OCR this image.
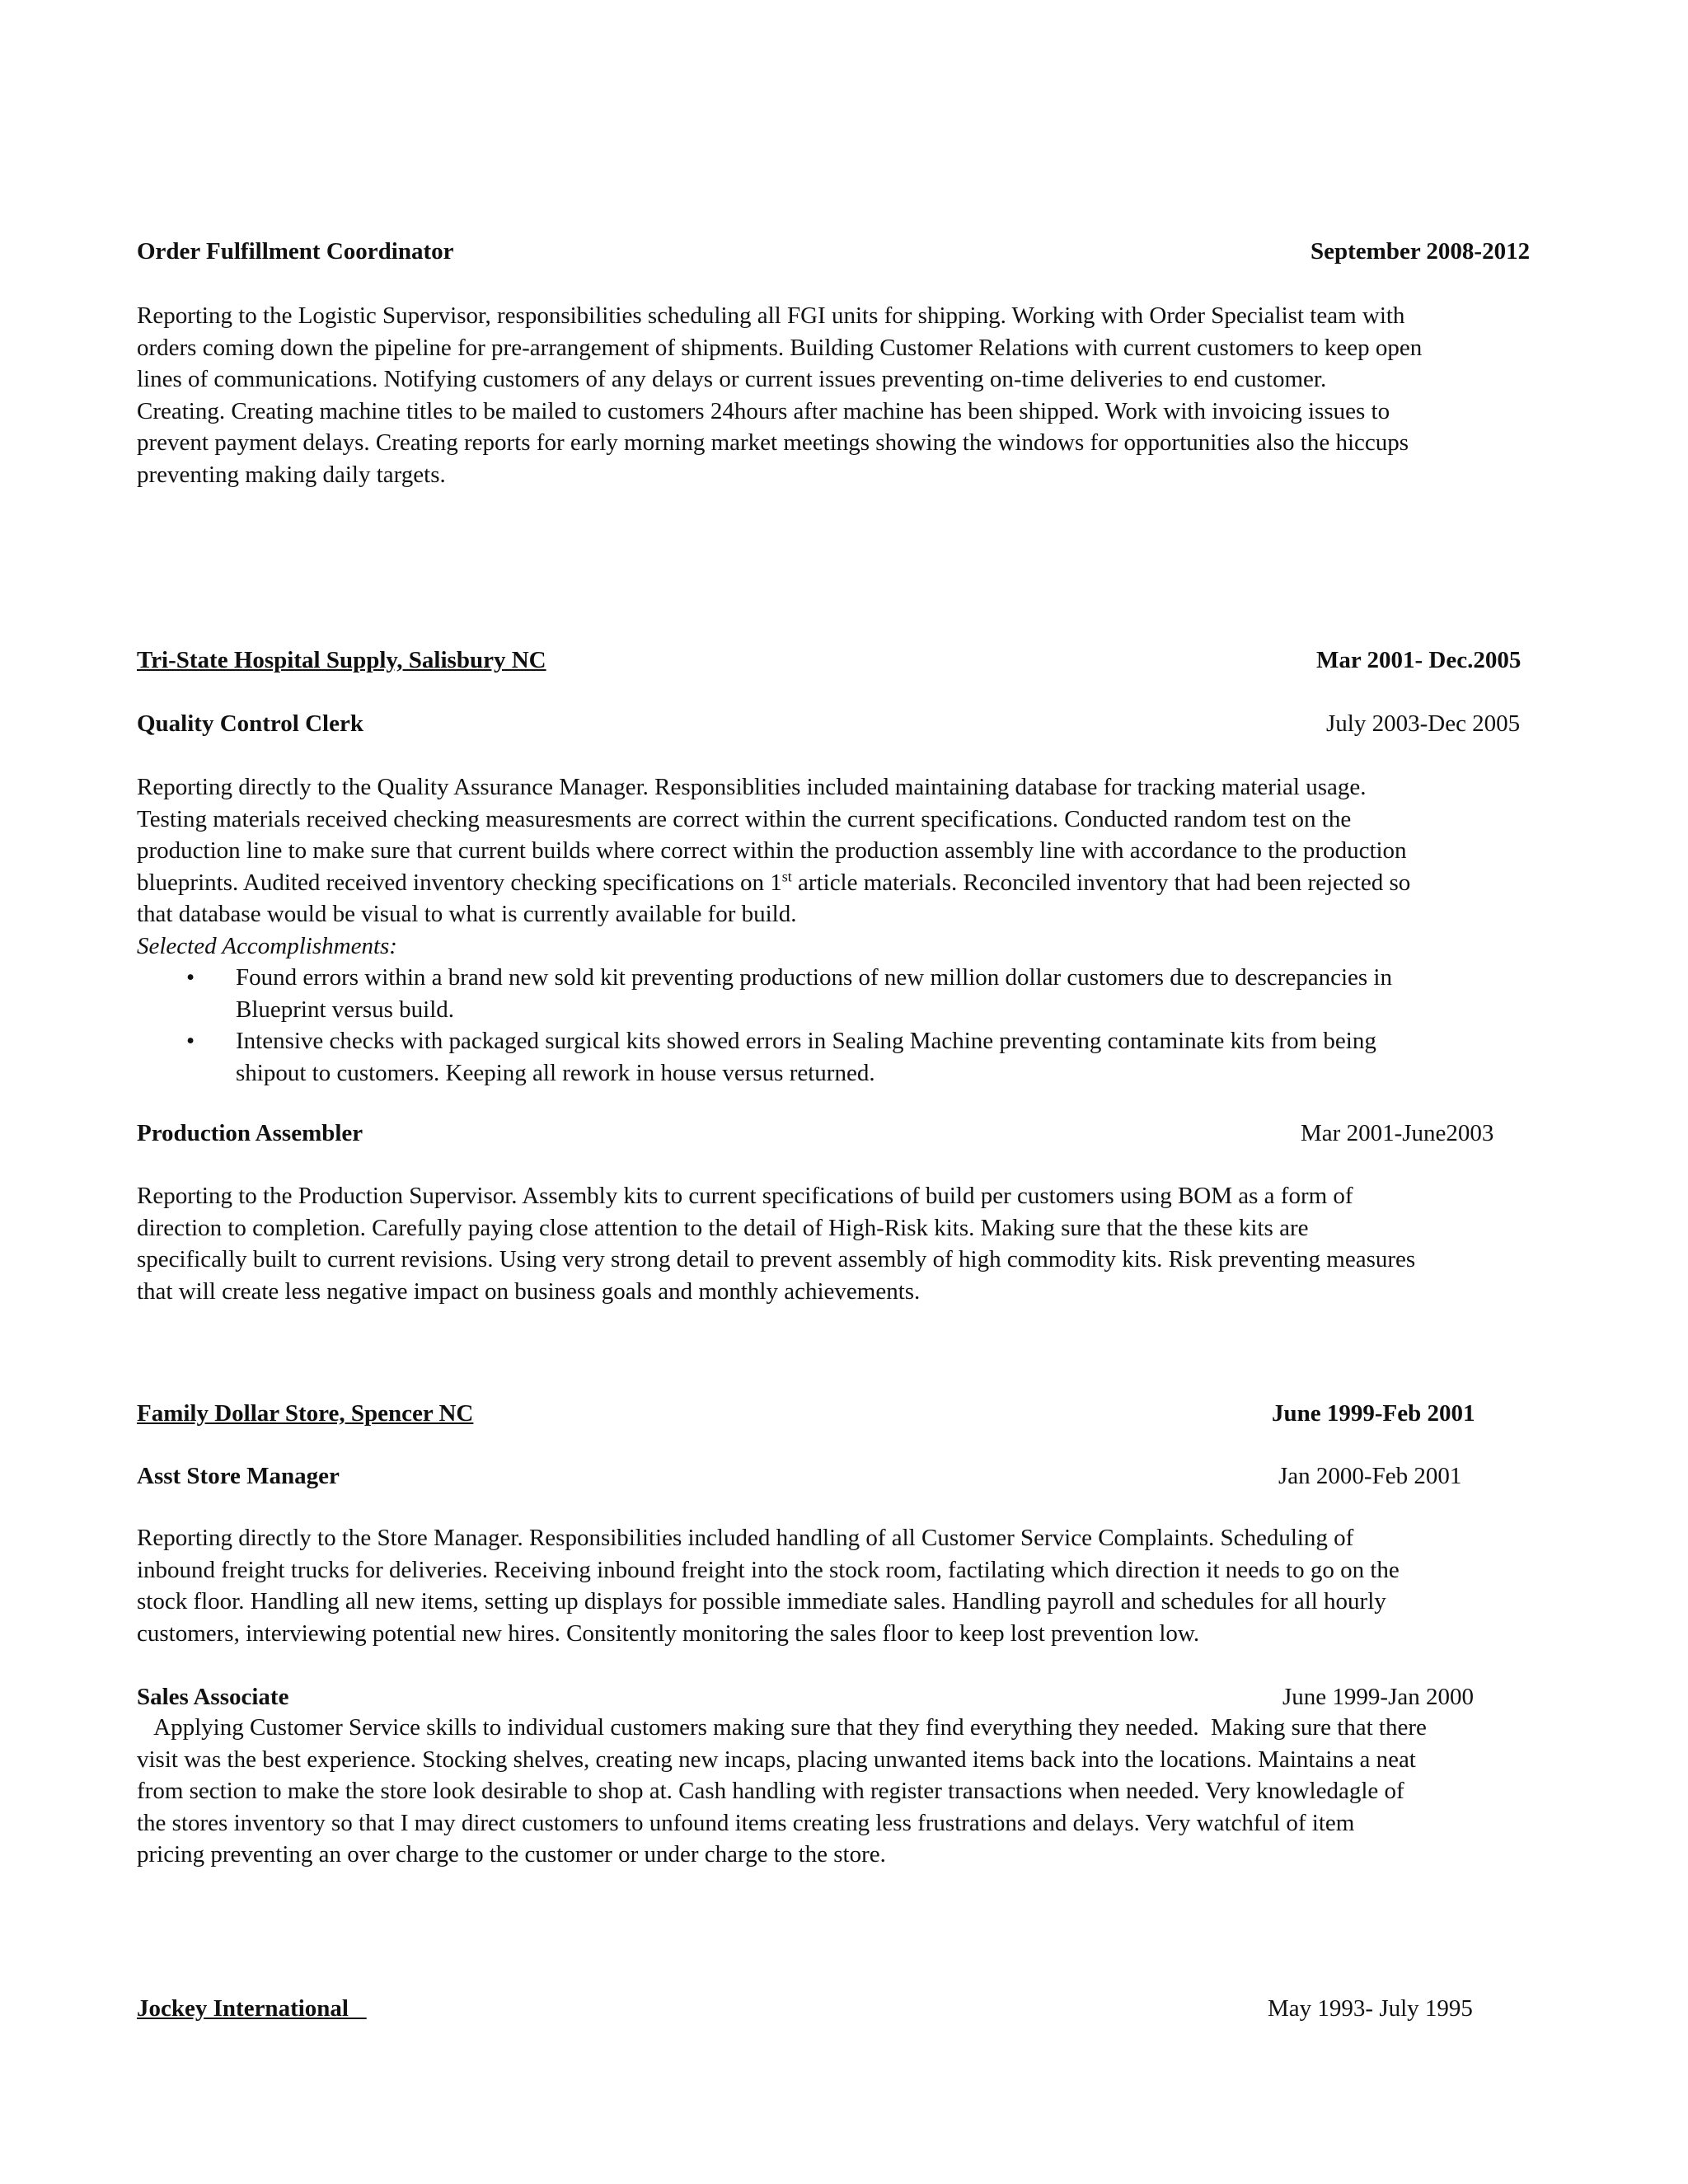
Order Fulfillment Coordinator	September 2008-2012
Reporting to the Logistic Supervisor, responsibilities scheduling all FGI units for shipping. Working with Order Specialist team with
orders coming down the pipeline for pre-arrangement of shipments. Building Customer Relations with current customers to keep open
lines of communications. Notifying customers of any delays or current issues preventing on-time deliveries to end customer.
Creating. Creating machine titles to be mailed to customers 24hours after machine has been shipped. Work with invoicing issues to
prevent payment delays. Creating reports for early morning market meetings showing the windows for opportunities also the hiccups
preventing making daily targets.
Tri-State Hospital Supply, Salisbury NC	Mar 2001- Dec.2005
Quality Control Clerk	July 2003-Dec 2005
Reporting directly to the Quality Assurance Manager. Responsiblities included maintaining database for tracking material usage.
Testing materials received checking measuresments are correct within the current specifications. Conducted random test on the
production line to make sure that current builds where correct within the production assembly line with accordance to the production
blueprints. Audited received inventory checking specifications on 1st article materials. Reconciled inventory that had been rejected so
that database would be visual to what is currently available for build.
Selected Accomplishments:
• Found errors within a brand new sold kit preventing productions of new million dollar customers due to descrepancies in
Blueprint versus build.
• Intensive checks with packaged surgical kits showed errors in Sealing Machine preventing contaminate kits from being
shipout to customers. Keeping all rework in house versus returned.
Production Assembler	Mar 2001-June2003
Reporting to the Production Supervisor. Assembly kits to current specifications of build per customers using BOM as a form of
direction to completion. Carefully paying close attention to the detail of High-Risk kits. Making sure that the these kits are
specifically built to current revisions. Using very strong detail to prevent assembly of high commodity kits. Risk preventing measures
that will create less negative impact on business goals and monthly achievements.
Family Dollar Store, Spencer NC	June 1999-Feb 2001
Asst Store Manager	Jan 2000-Feb 2001
Reporting directly to the Store Manager. Responsibilities included handling of all Customer Service Complaints. Scheduling of
inbound freight trucks for deliveries. Receiving inbound freight into the stock room, factilating which direction it needs to go on the
stock floor. Handling all new items, setting up displays for possible immediate sales. Handling payroll and schedules for all hourly
customers, interviewing potential new hires. Consitently monitoring the sales floor to keep lost prevention low.
Sales Associate	June 1999-Jan 2000
Applying Customer Service skills to individual customers making sure that they find everything they needed.  Making sure that there
visit was the best experience. Stocking shelves, creating new incaps, placing unwanted items back into the locations. Maintains a neat
from section to make the store look desirable to shop at. Cash handling with register transactions when needed. Very knowledagle of
the stores inventory so that I may direct customers to unfound items creating less frustrations and delays. Very watchful of item
pricing preventing an over charge to the customer or under charge to the store.
Jockey International	May 1993- July 1995
